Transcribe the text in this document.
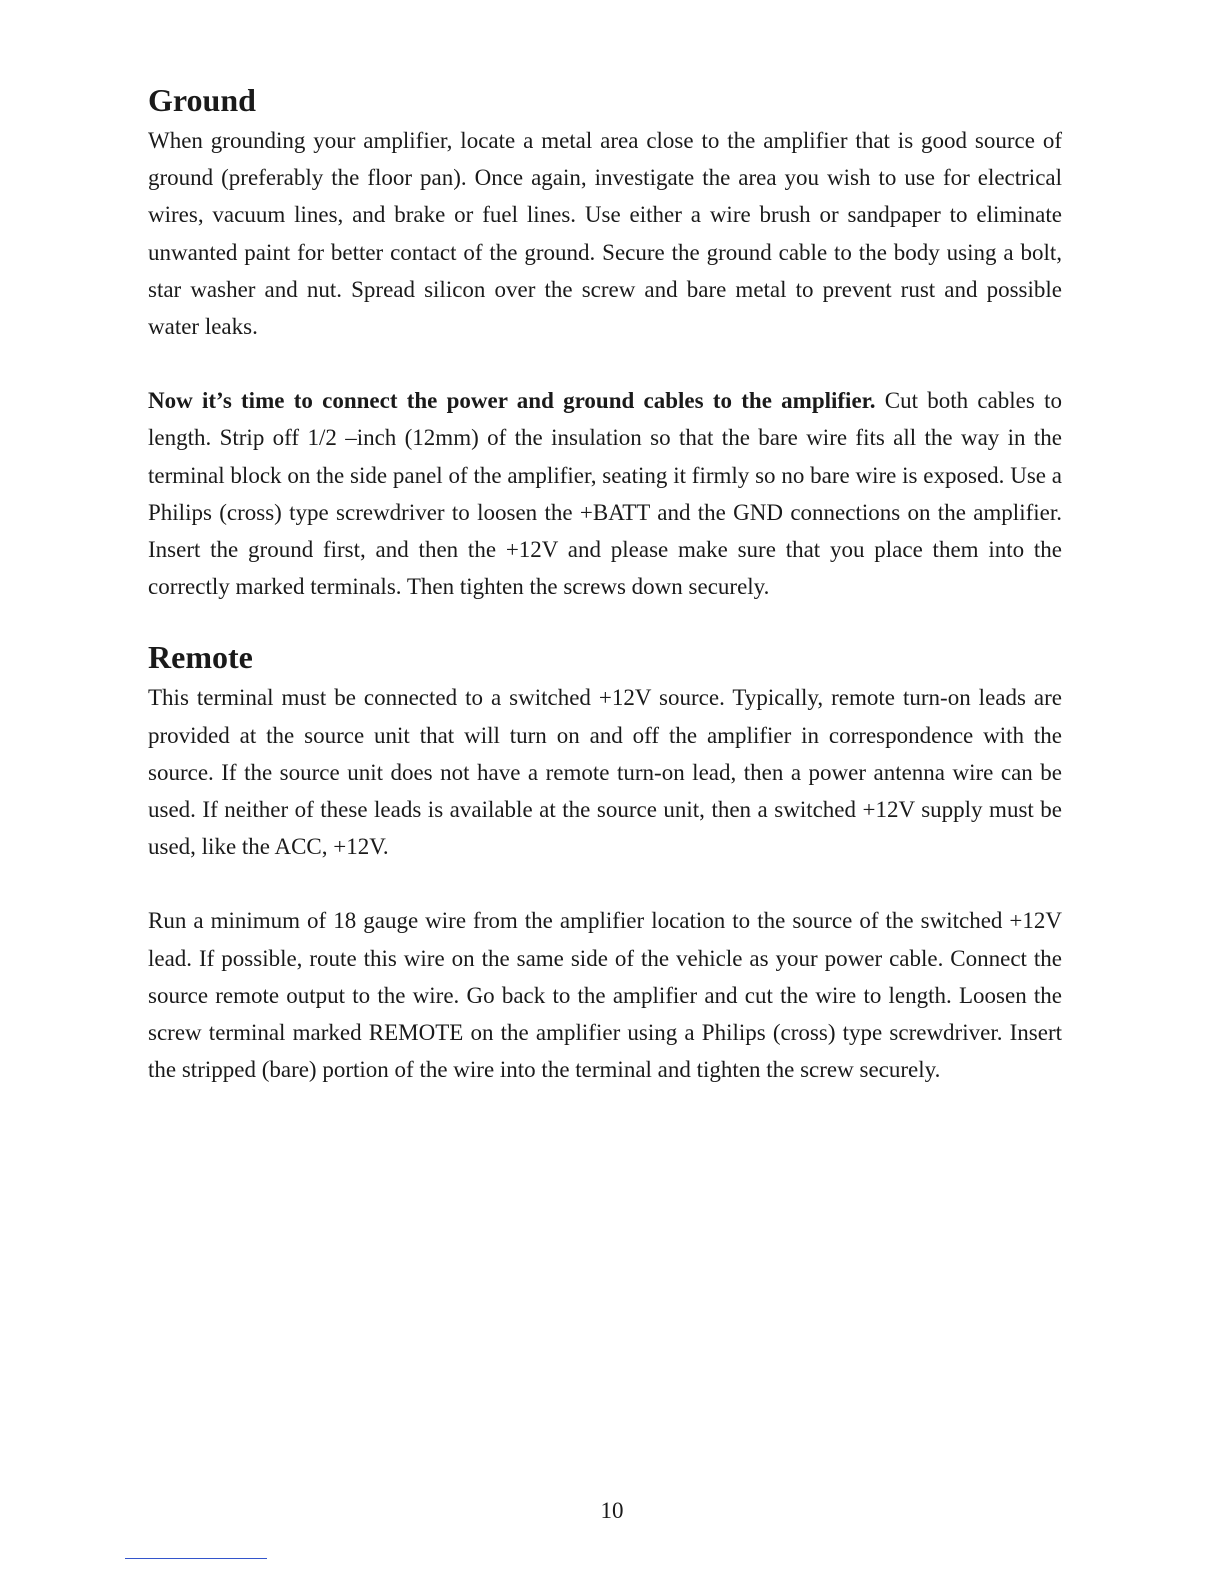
Ground

When grounding your amplifier, locate a metal area close to the amplifier that is good source of ground (preferably the floor pan). Once again, investigate the area you wish to use for electrical wires, vacuum lines, and brake or fuel lines. Use either a wire brush or sandpaper to eliminate unwanted paint for better contact of the ground. Secure the ground cable to the body using a bolt, star washer and nut. Spread silicon over the screw and bare metal to prevent rust and possible water leaks.

Now it’s time to connect the power and ground cables to the amplifier. Cut both cables to length. Strip off 1/2 –inch (12mm) of the insulation so that the bare wire fits all the way in the terminal block on the side panel of the amplifier, seating it firmly so no bare wire is exposed. Use a Philips (cross) type screwdriver to loosen the +BATT and the GND connections on the amplifier. Insert the ground first, and then the +12V and please make sure that you place them into the correctly marked terminals. Then tighten the screws down securely.

Remote

This terminal must be connected to a switched +12V source. Typically, remote turn-on leads are provided at the source unit that will turn on and off the amplifier in correspondence with the source. If the source unit does not have a remote turn-on lead, then a power antenna wire can be used. If neither of these leads is available at the source unit, then a switched +12V supply must be used, like the ACC, +12V.

Run a minimum of 18 gauge wire from the amplifier location to the source of the switched +12V lead. If possible, route this wire on the same side of the vehicle as your power cable. Connect the source remote output to the wire. Go back to the amplifier and cut the wire to length. Loosen the screw terminal marked REMOTE on the amplifier using a Philips (cross) type screwdriver. Insert the stripped (bare) portion of the wire into the terminal and tighten the screw securely.

10
